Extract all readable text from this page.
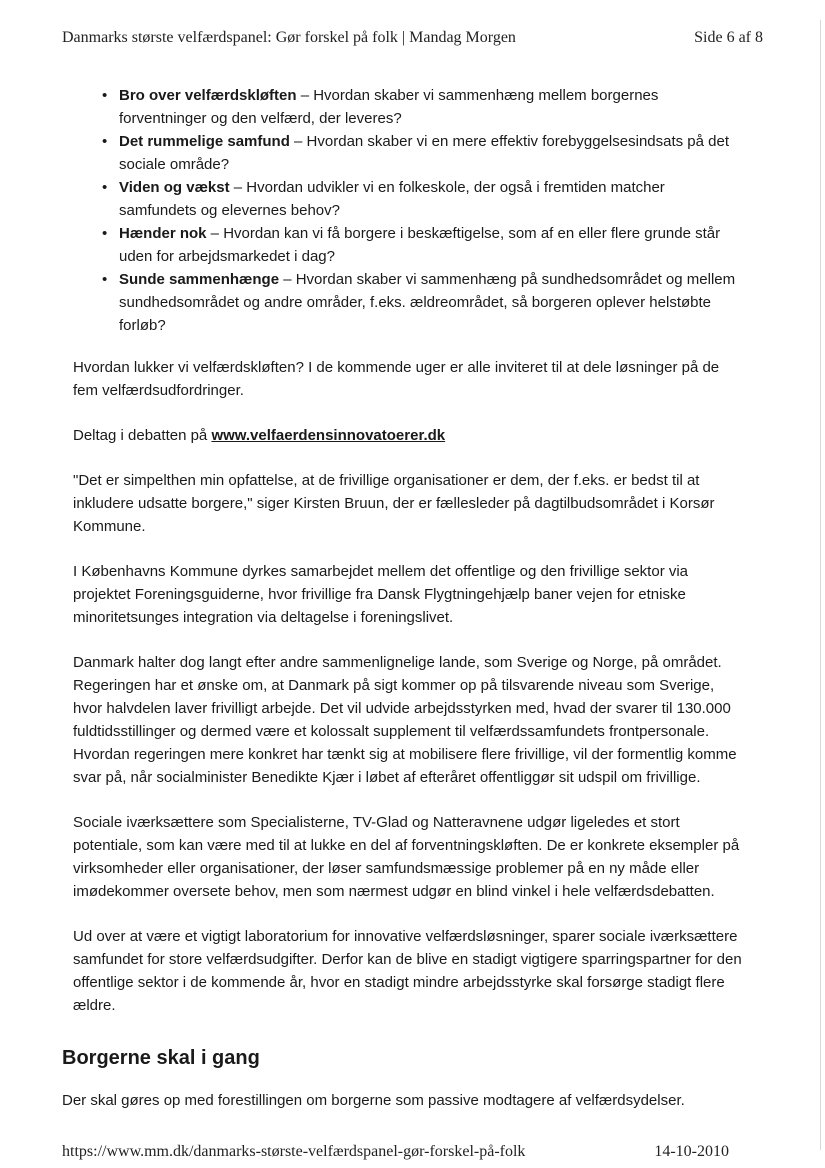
Danmarks største velfærdspanel: Gør forskel på folk | Mandag Morgen	Side 6 af 8
• Bro over velfærdskløften – Hvordan skaber vi sammenhæng mellem borgernes forventninger og den velfærd, der leveres?
• Det rummelige samfund – Hvordan skaber vi en mere effektiv forebyggelsesindsats på det sociale område?
• Viden og vækst – Hvordan udvikler vi en folkeskole, der også i fremtiden matcher samfundets og elevernes behov?
• Hænder nok – Hvordan kan vi få borgere i beskæftigelse, som af en eller flere grunde står uden for arbejdsmarkedet i dag?
• Sunde sammenhænge – Hvordan skaber vi sammenhæng på sundhedsområdet og mellem sundhedsområdet og andre områder, f.eks. ældreområdet, så borgeren oplever helstøbte forløb?

Hvordan lukker vi velfærdskløften? I de kommende uger er alle inviteret til at dele løsninger på de fem velfærdsudfordringer.

Deltag i debatten på www.velfaerdensinnovatoerer.dk

"Det er simpelthen min opfattelse, at de frivillige organisationer er dem, der f.eks. er bedst til at inkludere udsatte borgere," siger Kirsten Bruun, der er fællesleder på dagtilbudsområdet i Korsør Kommune.

I Københavns Kommune dyrkes samarbejdet mellem det offentlige og den frivillige sektor via projektet Foreningsguiderne, hvor frivillige fra Dansk Flygtningehjælp baner vejen for etniske minoritetsunges integration via deltagelse i foreningslivet.

Danmark halter dog langt efter andre sammenlignelige lande, som Sverige og Norge, på området. Regeringen har et ønske om, at Danmark på sigt kommer op på tilsvarende niveau som Sverige, hvor halvdelen laver frivilligt arbejde. Det vil udvide arbejdsstyrken med, hvad der svarer til 130.000 fuldtidsstillinger og dermed være et kolossalt supplement til velfærdssamfundets frontpersonale. Hvordan regeringen mere konkret har tænkt sig at mobilisere flere frivillige, vil der formentlig komme svar på, når socialminister Benedikte Kjær i løbet af efteråret offentliggør sit udspil om frivillige.

Sociale iværksættere som Specialisterne, TV-Glad og Natteravnene udgør ligeledes et stort potentiale, som kan være med til at lukke en del af forventningskløften. De er konkrete eksempler på virksomheder eller organisationer, der løser samfundsmæssige problemer på en ny måde eller imødekommer oversete behov, men som nærmest udgør en blind vinkel i hele velfærdsdebatten.

Ud over at være et vigtigt laboratorium for innovative velfærdsløsninger, sparer sociale iværksættere samfundet for store velfærdsudgifter. Derfor kan de blive en stadigt vigtigere sparringspartner for den offentlige sektor i de kommende år, hvor en stadigt mindre arbejdsstyrke skal forsørge stadigt flere ældre.

Borgerne skal i gang

Der skal gøres op med forestillingen om borgerne som passive modtagere af velfærdsydelser.

https://www.mm.dk/danmarks-største-velfærdspanel-gør-forskel-på-folk	14-10-2010
